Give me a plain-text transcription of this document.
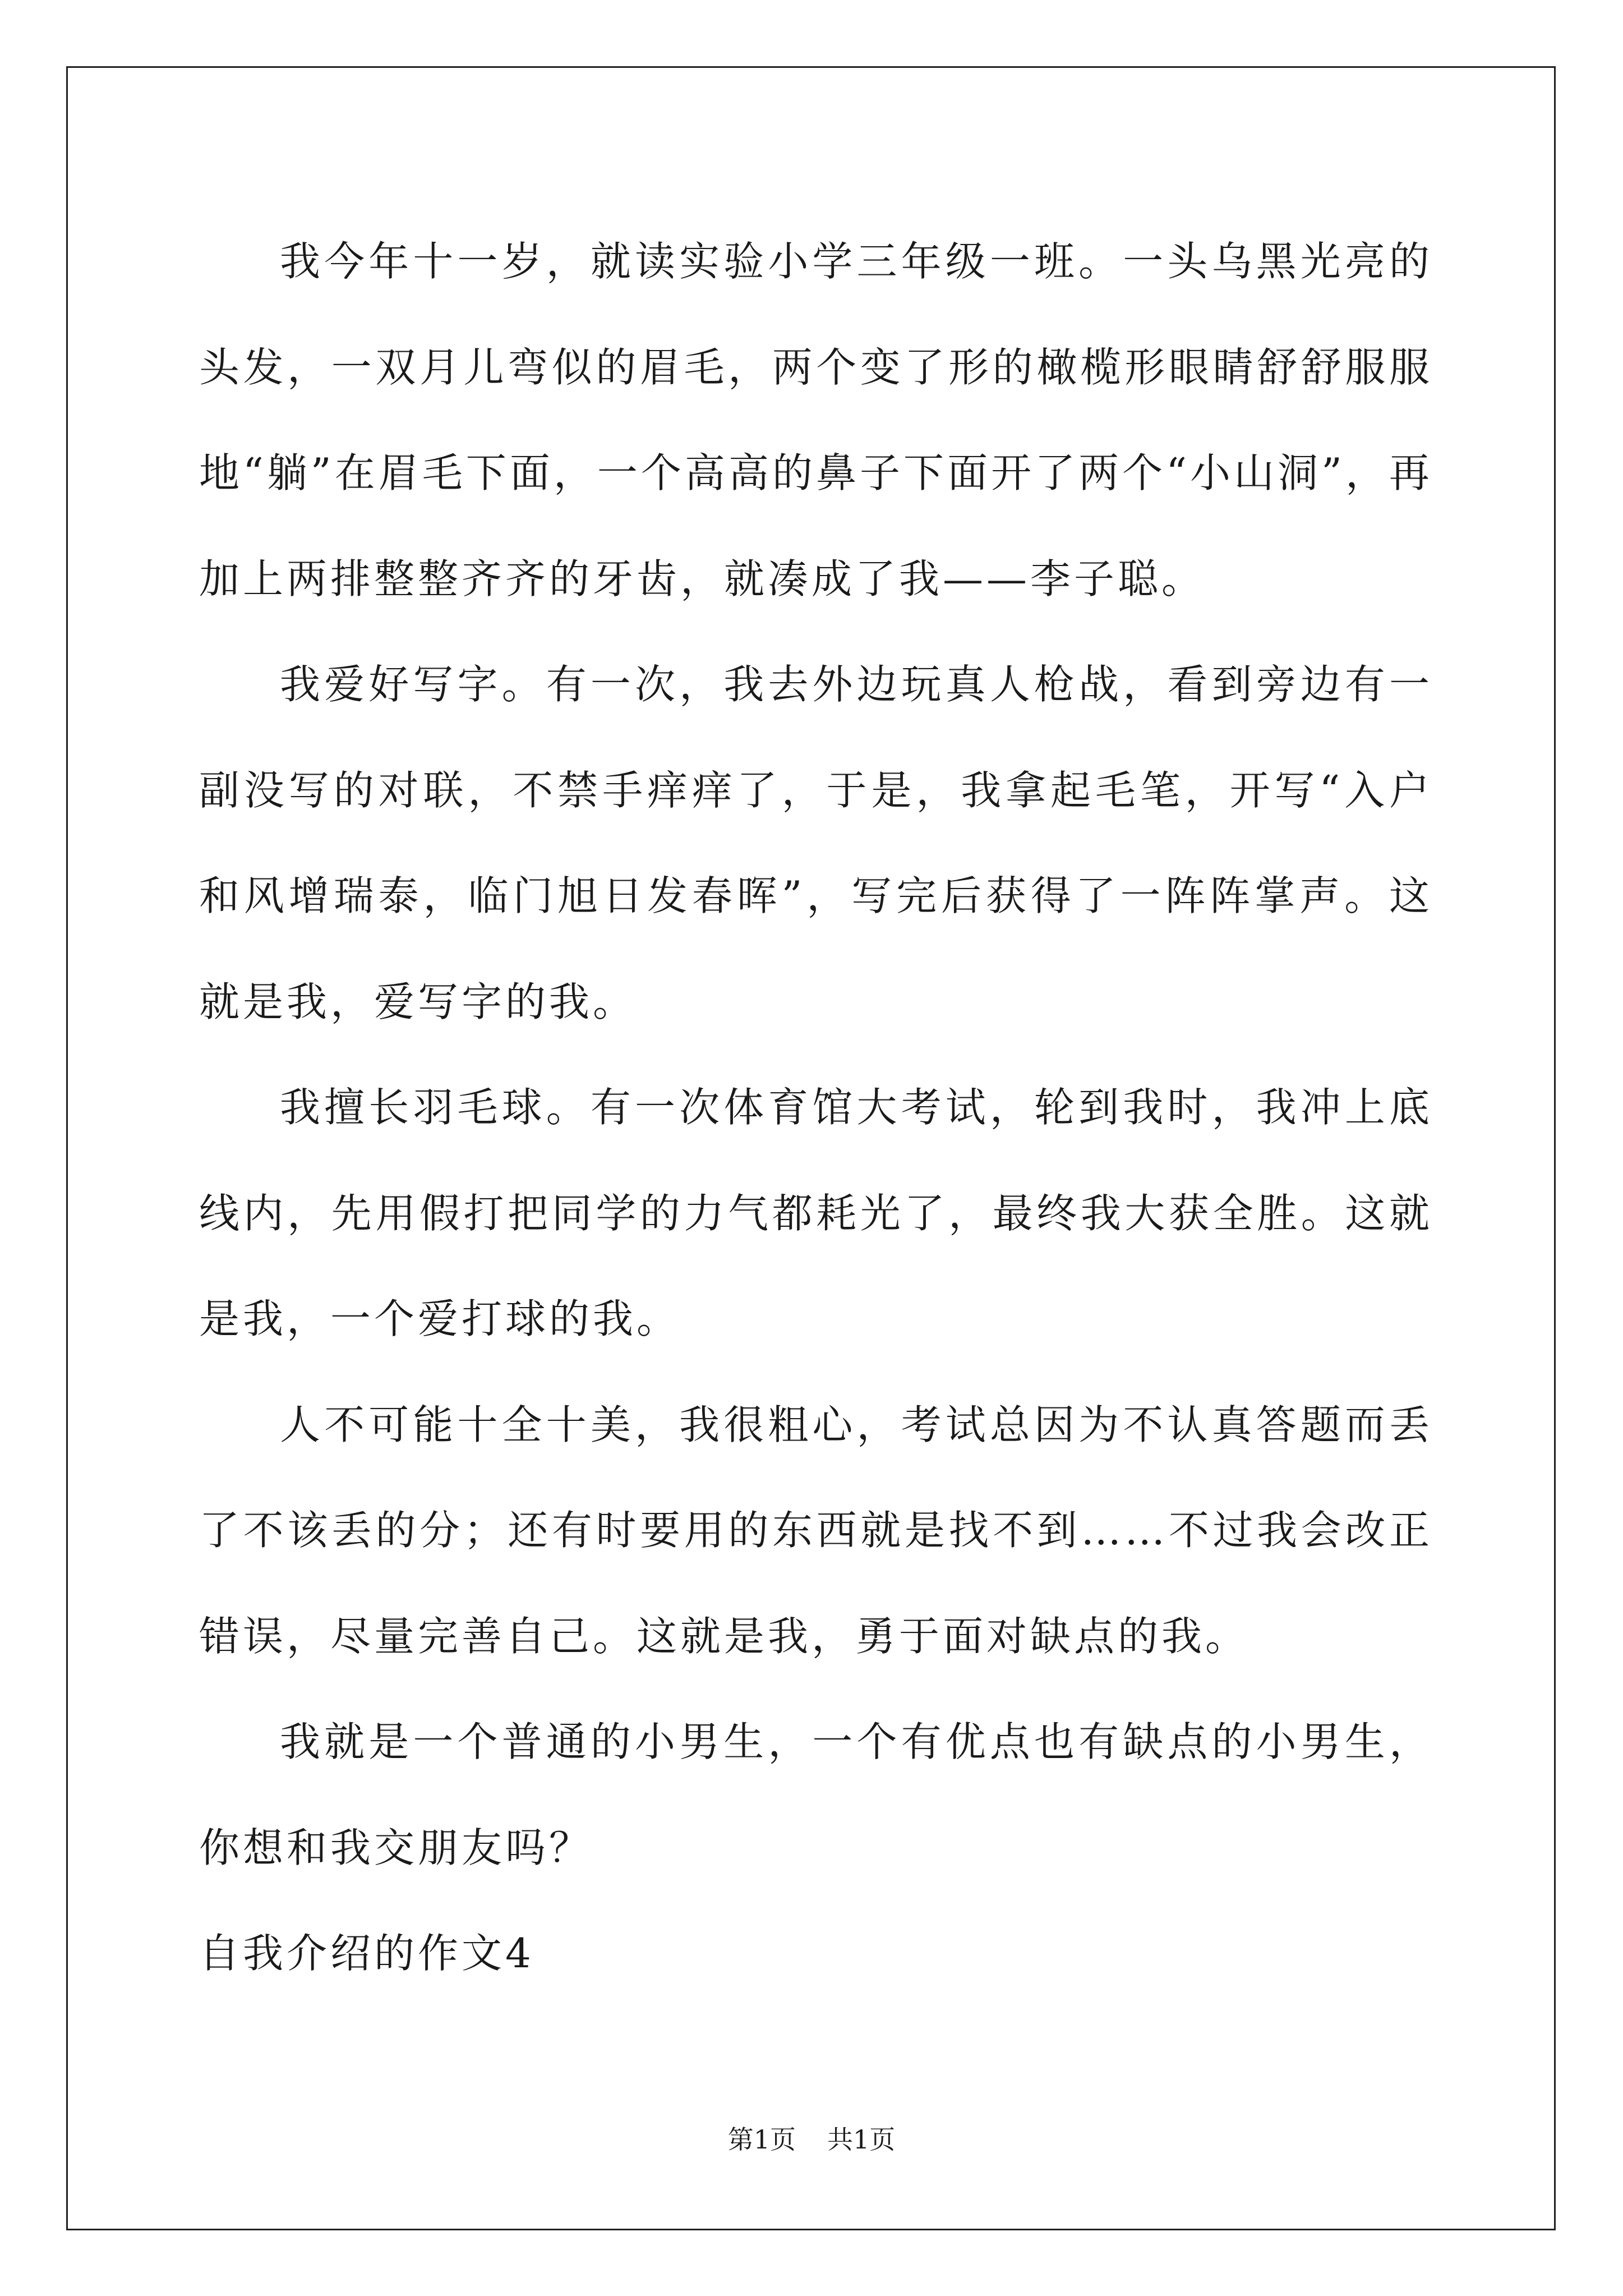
我今年十一岁，就读实验小学三年级一班。一头乌黑光亮的头发，一双月儿弯似的眉毛，两个变了形的橄榄形眼睛舒舒服服地“躺”在眉毛下面，一个高高的鼻子下面开了两个“小山洞”，再加上两排整整齐齐的牙齿，就凑成了我——李子聪。

我爱好写字。有一次，我去外边玩真人枪战，看到旁边有一副没写的对联，不禁手痒痒了，于是，我拿起毛笔，开写“入户和风增瑞泰，临门旭日发春晖”，写完后获得了一阵阵掌声。这就是我，爱写字的我。

我擅长羽毛球。有一次体育馆大考试，轮到我时，我冲上底线内，先用假打把同学的力气都耗光了，最终我大获全胜。这就是我，一个爱打球的我。

人不可能十全十美，我很粗心，考试总因为不认真答题而丢了不该丢的分；还有时要用的东西就是找不到……不过我会改正错误，尽量完善自己。这就是我，勇于面对缺点的我。

我就是一个普通的小男生，一个有优点也有缺点的小男生，你想和我交朋友吗？

自我介绍的作文4

第1页 共1页
